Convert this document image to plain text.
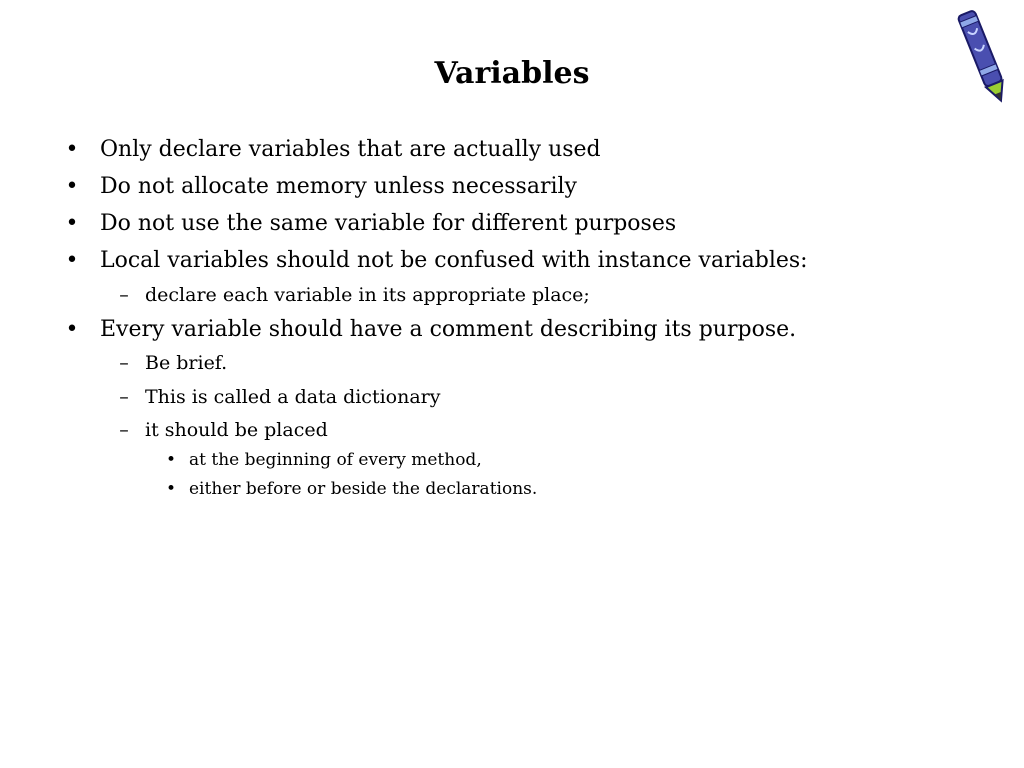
Variables
• Only declare variables that are actually used
• Do not allocate memory unless necessarily
• Do not use the same variable for different purposes
• Local variables should not be confused with instance variables:
– declare each variable in its appropriate place;
• Every variable should have a comment describing its purpose.
– Be brief.
– This is called a data dictionary
– it should be placed
• at the beginning of every method,
• either before or beside the declarations.
